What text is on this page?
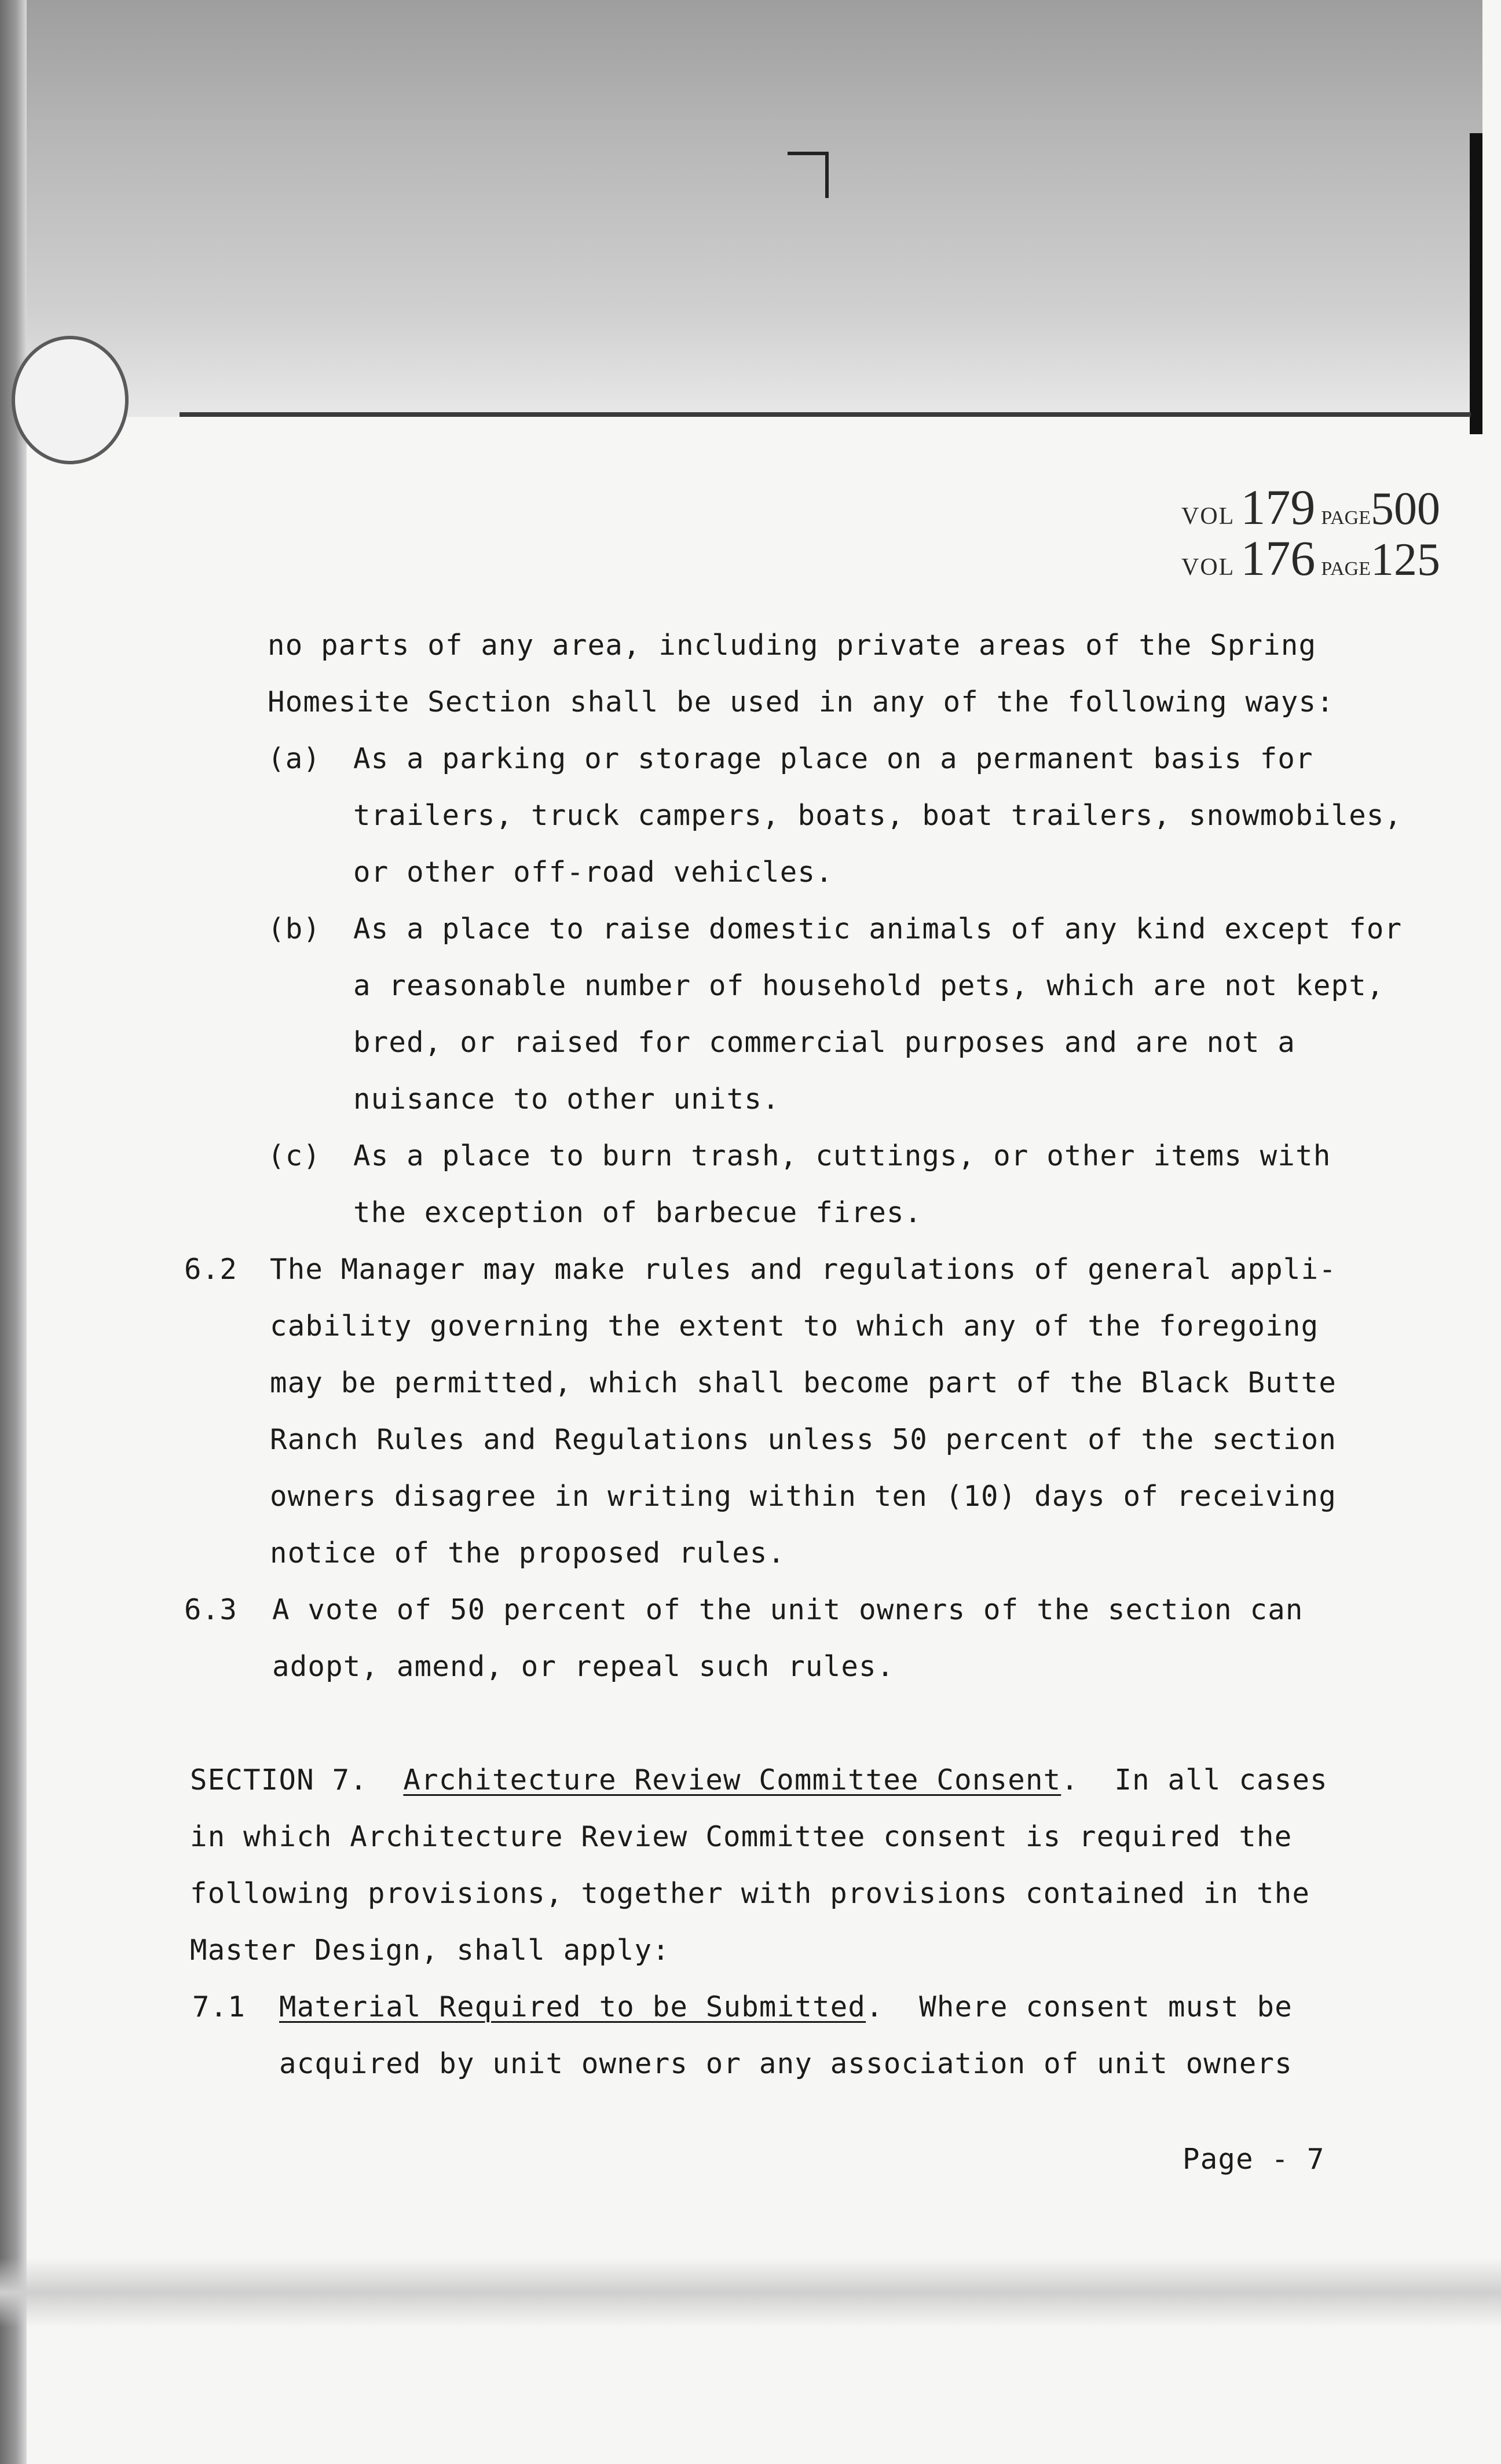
VOL 179 PAGE500
VOL 176 PAGE125
no parts of any area, including private areas of the Spring
Homesite Section shall be used in any of the following ways:
(a) As a parking or storage place on a permanent basis for
trailers, truck campers, boats, boat trailers, snowmobiles,
or other off-road vehicles.
(b) As a place to raise domestic animals of any kind except for
a reasonable number of household pets, which are not kept,
bred, or raised for commercial purposes and are not a
nuisance to other units.
(c) As a place to burn trash, cuttings, or other items with
the exception of barbecue fires.
6.2 The Manager may make rules and regulations of general appli-
cability governing the extent to which any of the foregoing
may be permitted, which shall become part of the Black Butte
Ranch Rules and Regulations unless 50 percent of the section
owners disagree in writing within ten (10) days of receiving
notice of the proposed rules.
6.3 A vote of 50 percent of the unit owners of the section can
adopt, amend, or repeal such rules.
SECTION 7. Architecture Review Committee Consent.  In all cases
in which Architecture Review Committee consent is required the
following provisions, together with provisions contained in the
Master Design, shall apply:
7.1 Material Required to be Submitted.  Where consent must be
acquired by unit owners or any association of unit owners
Page - 7
